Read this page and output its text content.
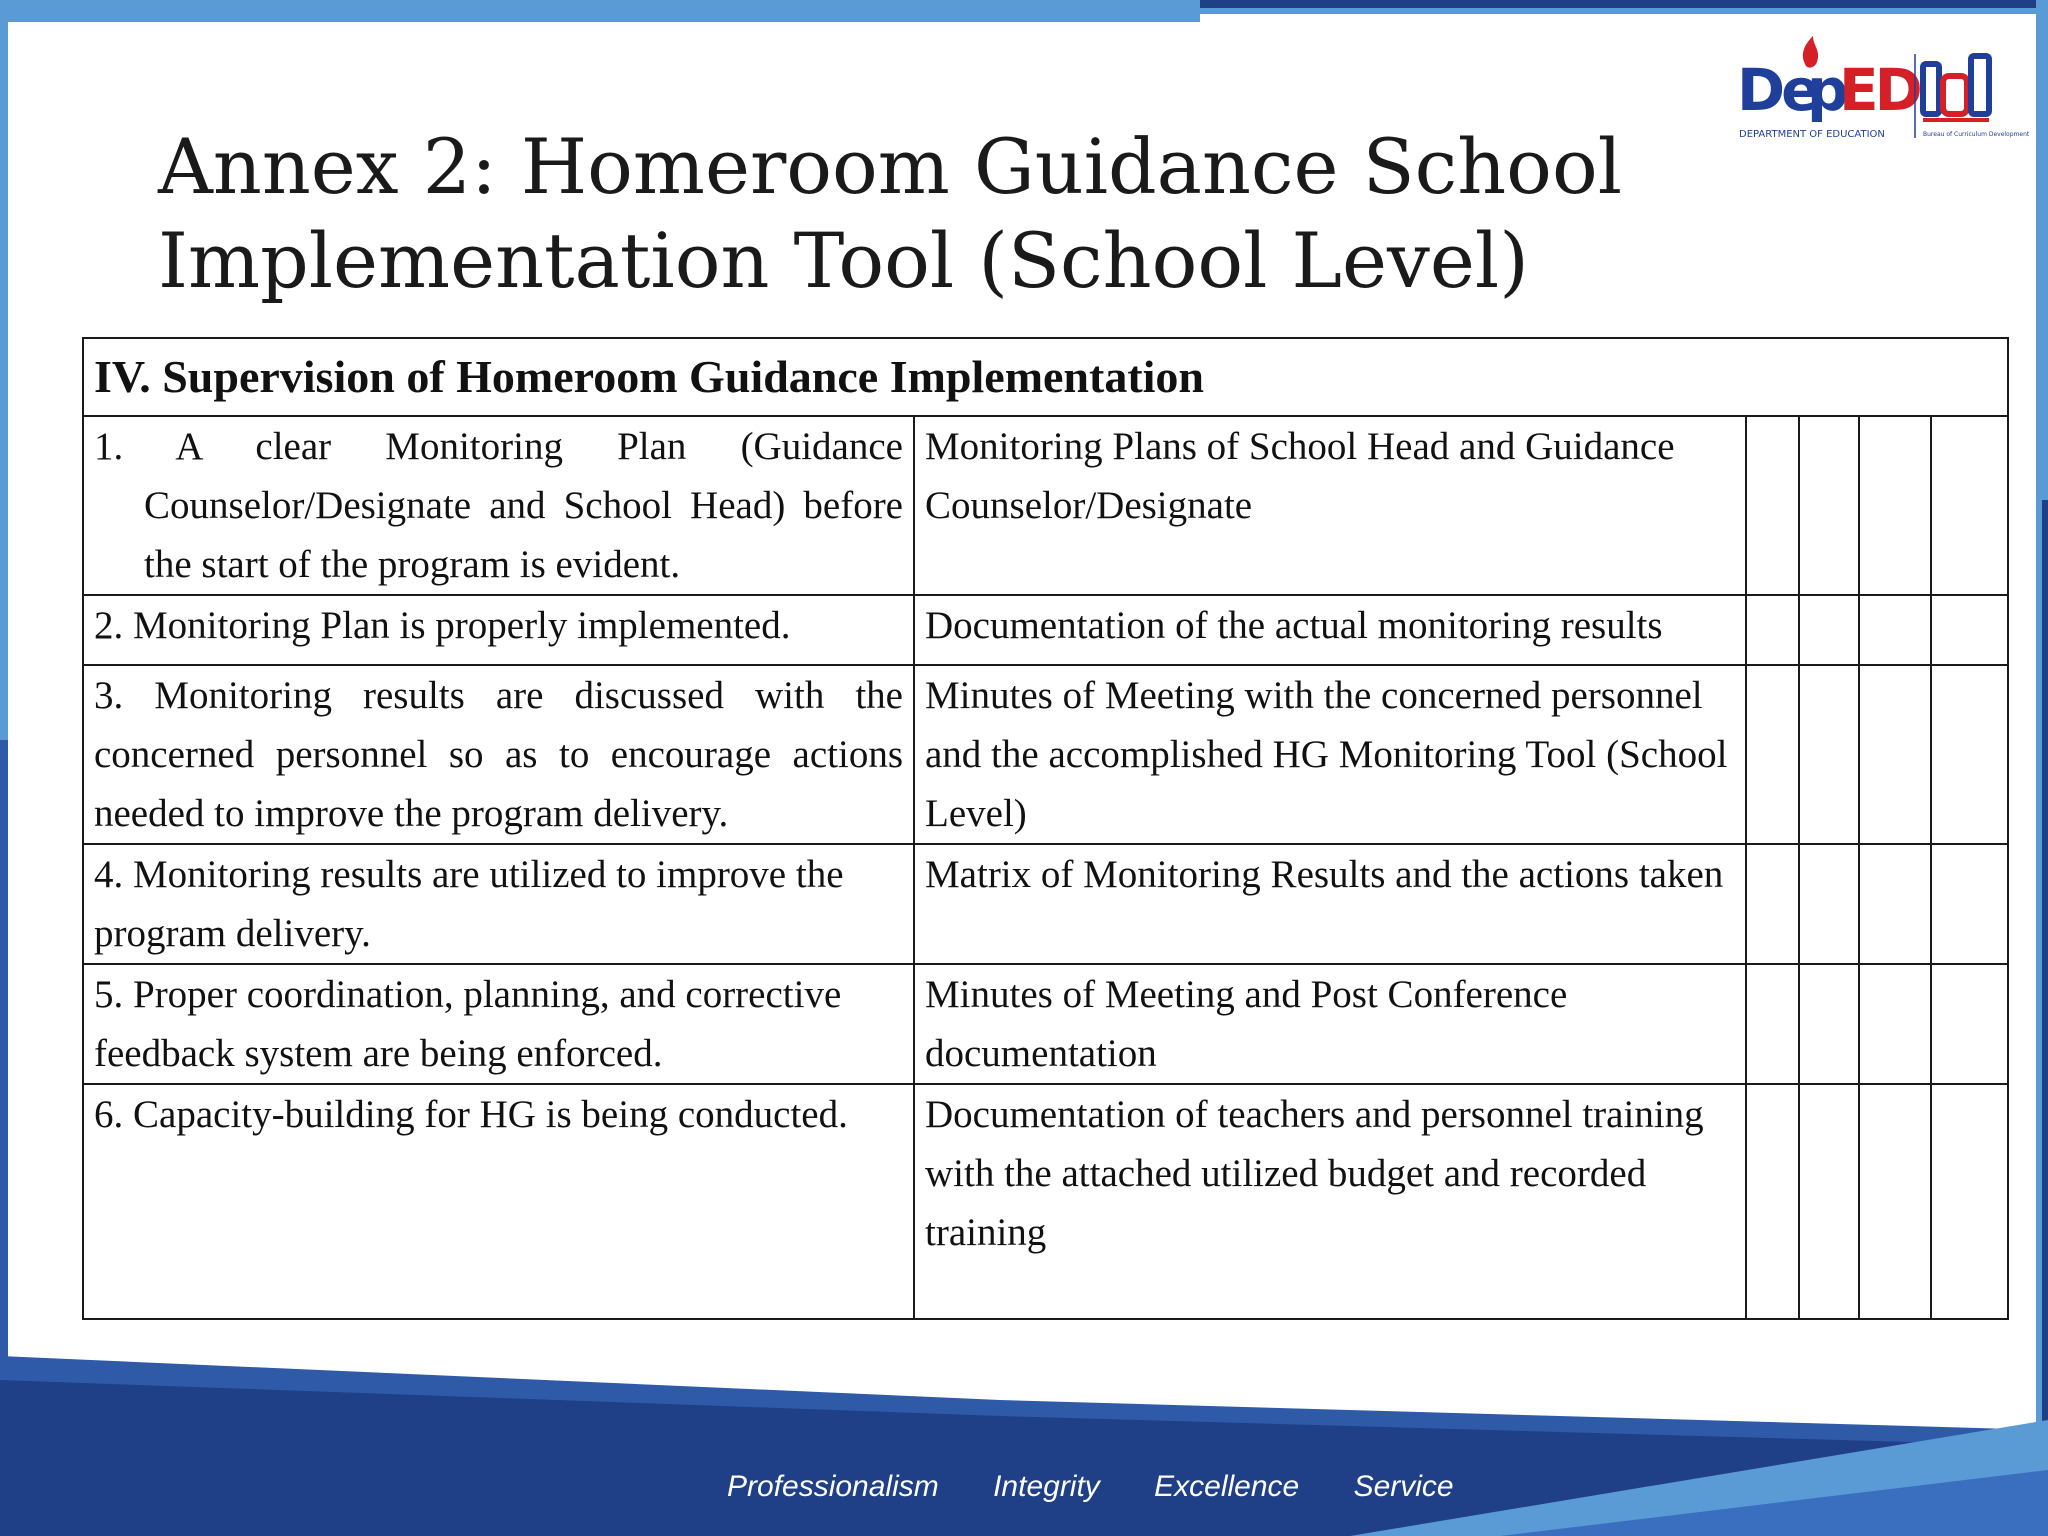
De
p
ED
DEPARTMENT OF EDUCATION	Bureau of Curriculum Development
Annex 2: Homeroom Guidance School
Implementation Tool (School Level)
IV. Supervision of Homeroom Guidance Implementation					
1. A clear Monitoring Plan (Guidance Counselor/Designate and School Head) before the start of the program is evident.	Monitoring Plans of School Head and Guidance Counselor/Designate				
2. Monitoring Plan is properly implemented.	Documentation of the actual monitoring results				
3. Monitoring results are discussed with the concerned personnel so as to encourage actions needed to improve the program delivery.	Minutes of Meeting with the concerned personnel and the accomplished HG Monitoring Tool (School Level)				
4. Monitoring results are utilized to improve the program delivery.	Matrix of Monitoring Results and the actions taken				
5. Proper coordination, planning, and corrective feedback system are being enforced.	Minutes of Meeting and Post Conference documentation				
6. Capacity-building for HG is being conducted.	Documentation of teachers and personnel training with the attached utilized budget and recorded training				
Professionalism Integrity Excellence Service
